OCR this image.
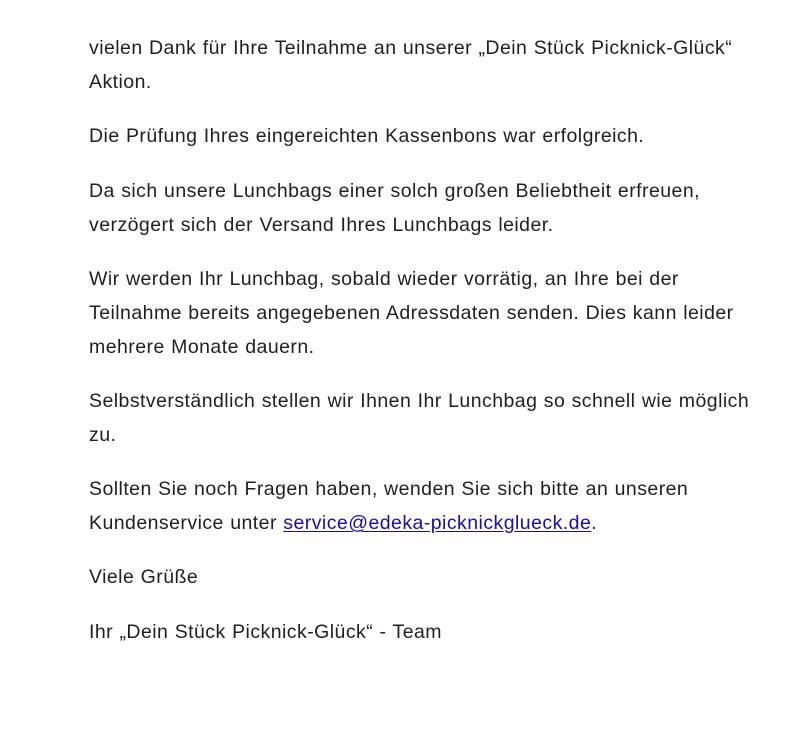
vielen Dank für Ihre Teilnahme an unserer „Dein Stück Picknick-Glück“ Aktion.

Die Prüfung Ihres eingereichten Kassenbons war erfolgreich.

Da sich unsere Lunchbags einer solch großen Beliebtheit erfreuen, verzögert sich der Versand Ihres Lunchbags leider.

Wir werden Ihr Lunchbag, sobald wieder vorrätig, an Ihre bei der Teilnahme bereits angegebenen Adressdaten senden. Dies kann leider mehrere Monate dauern.

Selbstverständlich stellen wir Ihnen Ihr Lunchbag so schnell wie möglich zu.

Sollten Sie noch Fragen haben, wenden Sie sich bitte an unseren Kundenservice unter service@edeka-picknickglueck.de.

Viele Grüße

Ihr „Dein Stück Picknick-Glück“ - Team
